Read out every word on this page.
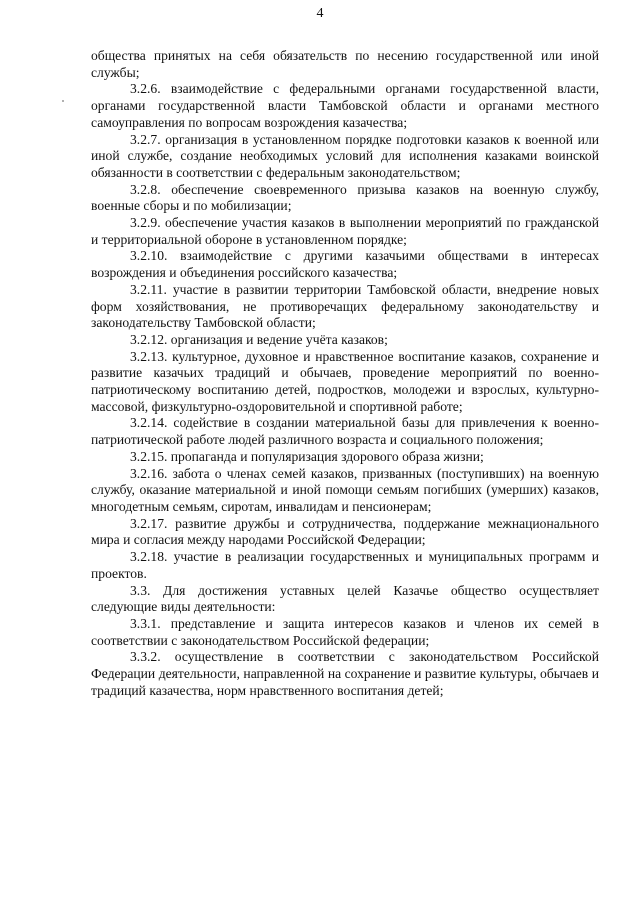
4

общества принятых на себя обязательств по несению государственной или иной службы;

3.2.6. взаимодействие с федеральными органами государственной власти, органами государственной власти Тамбовской области и органами местного самоуправления по вопросам возрождения казачества;

3.2.7. организация в установленном порядке подготовки казаков к военной или иной службе, создание необходимых условий для исполнения казаками воинской обязанности в соответствии с федеральным законодательством;

3.2.8. обеспечение своевременного призыва казаков на военную службу, военные сборы и по мобилизации;

3.2.9. обеспечение участия казаков в выполнении мероприятий по гражданской и территориальной обороне в установленном порядке;

3.2.10. взаимодействие с другими казачьими обществами в интересах возрождения и объединения российского казачества;

3.2.11. участие в развитии территории Тамбовской области, внедрение новых форм хозяйствования, не противоречащих федеральному законодательству и законодательству Тамбовской области;

3.2.12. организация и ведение учёта казаков;

3.2.13. культурное, духовное и нравственное воспитание казаков, сохранение и развитие казачьих традиций и обычаев, проведение мероприятий по военно-патриотическому воспитанию детей, подростков, молодежи и взрослых, культурно-массовой, физкультурно-оздоровительной и спортивной работе;

3.2.14. содействие в создании материальной базы для привлечения к военно-патриотической работе людей различного возраста и социального положения;

3.2.15. пропаганда и популяризация здорового образа жизни;

3.2.16. забота о членах семей казаков, призванных (поступивших) на военную службу, оказание материальной и иной помощи семьям погибших (умерших) казаков, многодетным семьям, сиротам, инвалидам и пенсионерам;

3.2.17. развитие дружбы и сотрудничества, поддержание межнационального мира и согласия между народами Российской Федерации;

3.2.18. участие в реализации государственных и муниципальных программ и проектов.

3.3. Для достижения уставных целей Казачье общество осуществляет следующие виды деятельности:

3.3.1. представление и защита интересов казаков и членов их семей в соответствии с законодательством Российской федерации;

3.3.2. осуществление в соответствии с законодательством Российской Федерации деятельности, направленной на сохранение и развитие культуры, обычаев и традиций казачества, норм нравственного воспитания детей;
